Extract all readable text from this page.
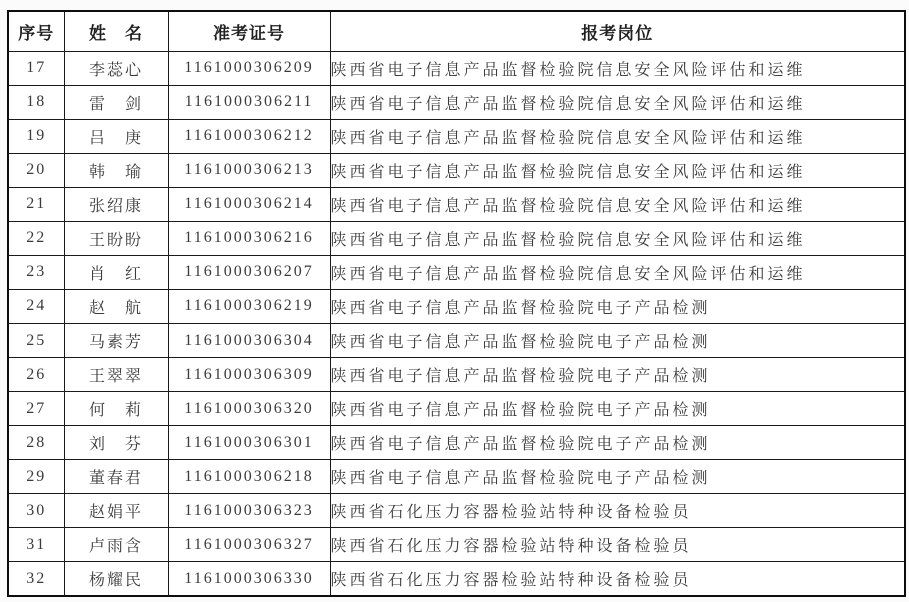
序号	姓　名	准考证号	报考岗位
17	李蕊心	1161000306209	陕西省电子信息产品监督检验院信息安全风险评估和运维
18	雷　剑	1161000306211	陕西省电子信息产品监督检验院信息安全风险评估和运维
19	吕　庚	1161000306212	陕西省电子信息产品监督检验院信息安全风险评估和运维
20	韩　瑜	1161000306213	陕西省电子信息产品监督检验院信息安全风险评估和运维
21	张绍康	1161000306214	陕西省电子信息产品监督检验院信息安全风险评估和运维
22	王盼盼	1161000306216	陕西省电子信息产品监督检验院信息安全风险评估和运维
23	肖　红	1161000306207	陕西省电子信息产品监督检验院信息安全风险评估和运维
24	赵　航	1161000306219	陕西省电子信息产品监督检验院电子产品检测
25	马素芳	1161000306304	陕西省电子信息产品监督检验院电子产品检测
26	王翠翠	1161000306309	陕西省电子信息产品监督检验院电子产品检测
27	何　莉	1161000306320	陕西省电子信息产品监督检验院电子产品检测
28	刘　芬	1161000306301	陕西省电子信息产品监督检验院电子产品检测
29	董春君	1161000306218	陕西省电子信息产品监督检验院电子产品检测
30	赵娟平	1161000306323	陕西省石化压力容器检验站特种设备检验员
31	卢雨含	1161000306327	陕西省石化压力容器检验站特种设备检验员
32	杨耀民	1161000306330	陕西省石化压力容器检验站特种设备检验员
